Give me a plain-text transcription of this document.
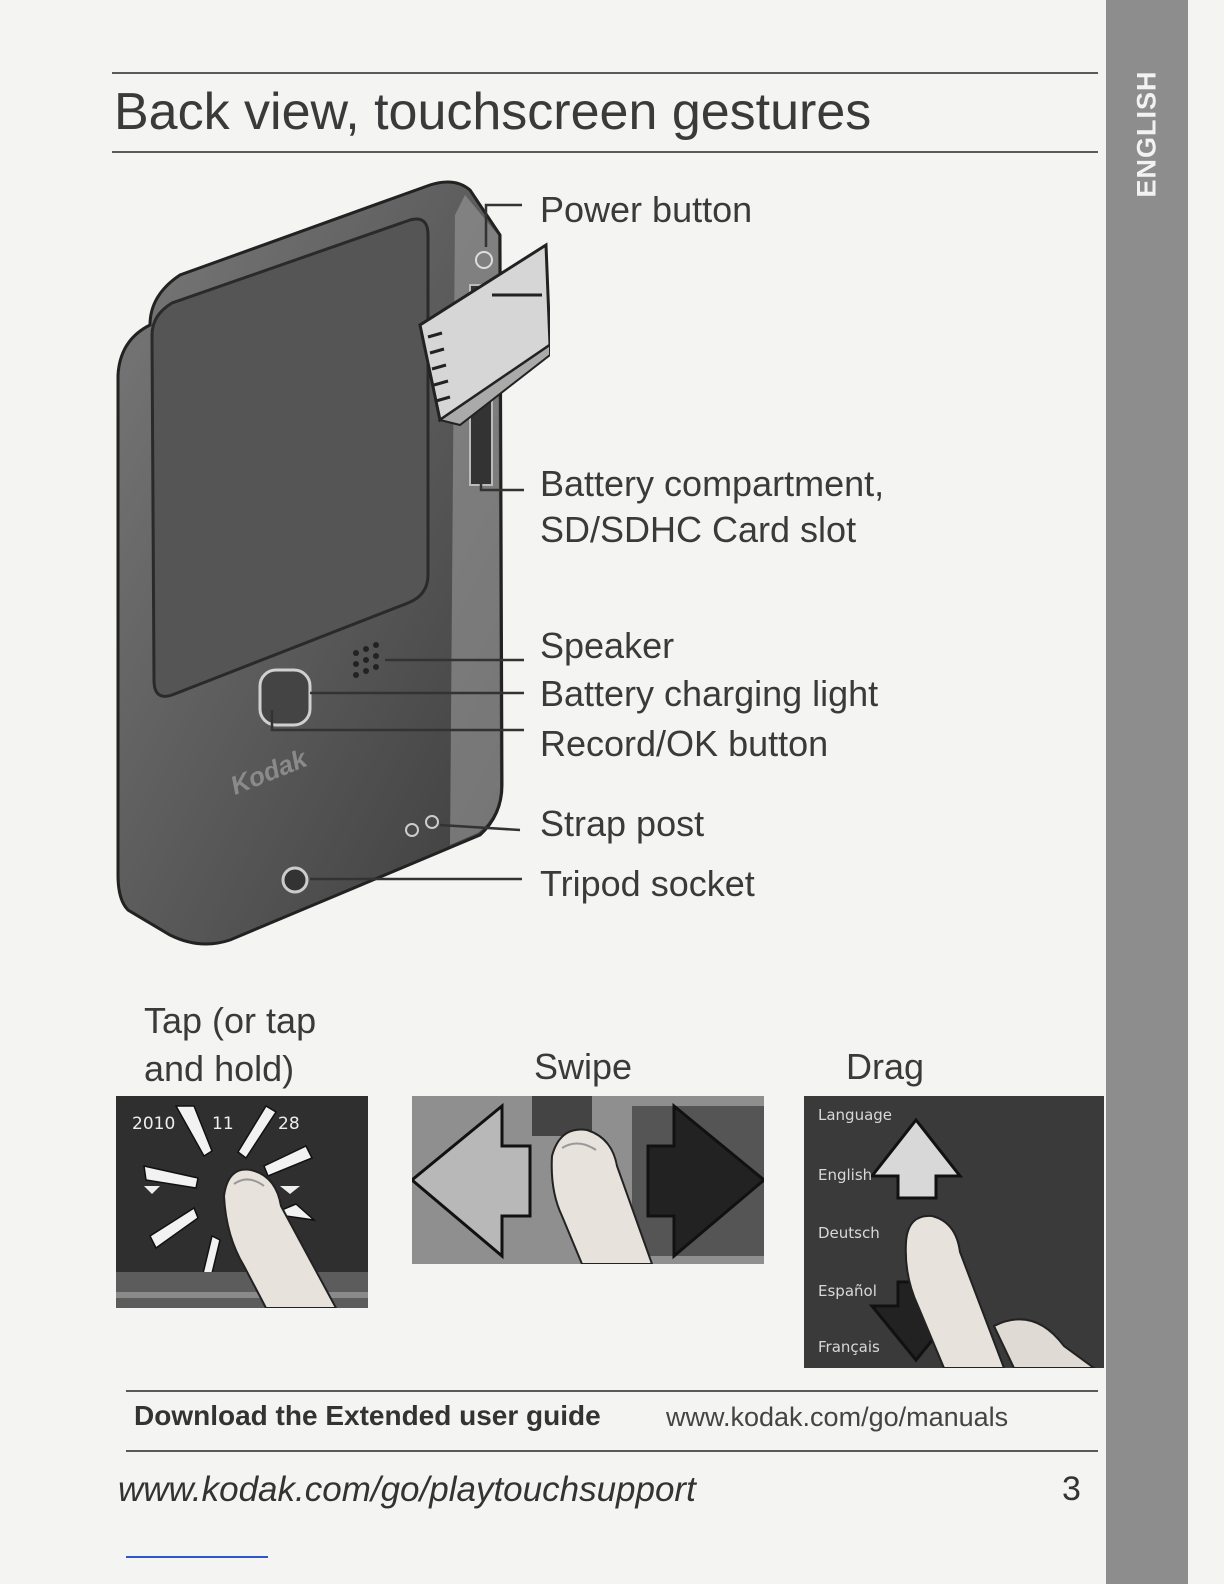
ENGLISH
Back view, touchscreen gestures
Kodak
Power button
Battery compartment,
SD/SDHC Card slot
Speaker
Battery charging light
Record/OK button
Strap post
Tripod socket
Tap (or tap
and hold)	Swipe	Drag
2010 11	28	Language
English
Deutsch
Español
Français
Download the Extended user guide www.kodak.com/go/manuals
www.kodak.com/go/playtouchsupport	3
